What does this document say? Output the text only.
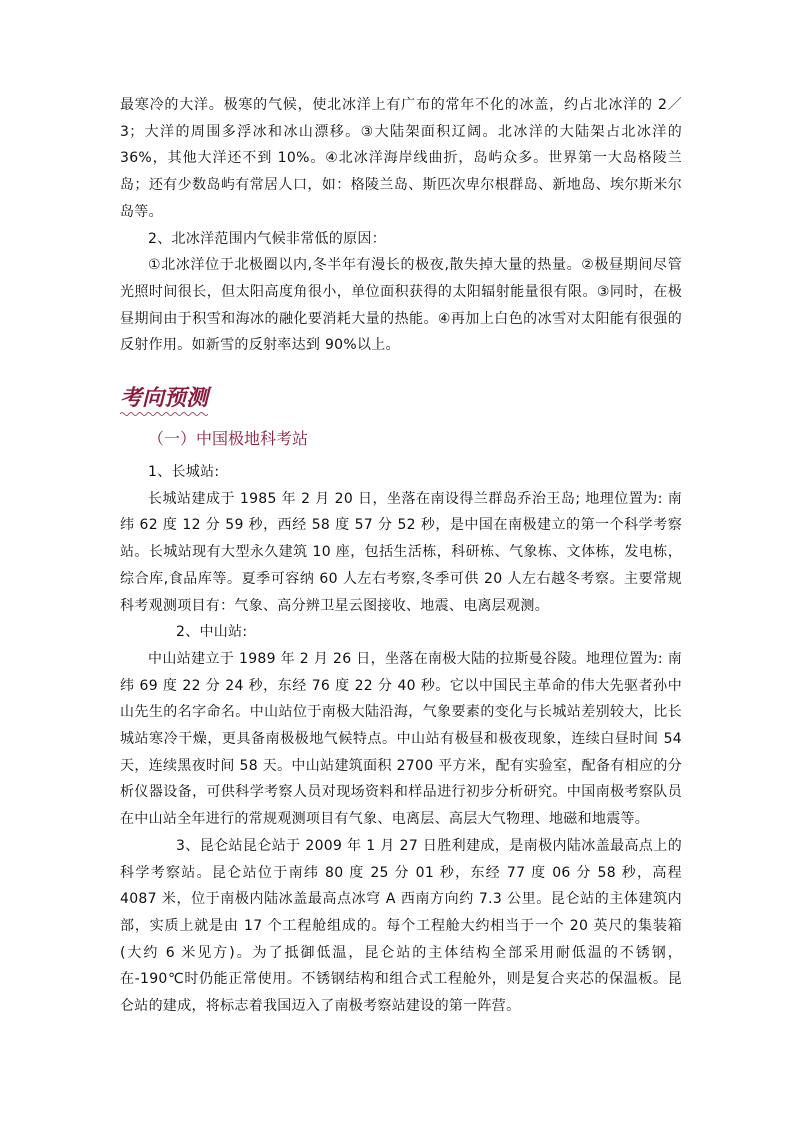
最寒冷的大洋。极寒的气候，使北冰洋上有广布的常年不化的冰盖，约占北冰洋的 2／3；大洋的周围多浮冰和冰山漂移。③大陆架面积辽阔。北冰洋的大陆架占北冰洋的 36%，其他大洋还不到 10%。④北冰洋海岸线曲折，岛屿众多。世界第一大岛格陵兰岛；还有少数岛屿有常居人口，如：格陵兰岛、斯匹次卑尔根群岛、新地岛、埃尔斯米尔岛等。

2、北冰洋范围内气候非常低的原因：

①北冰洋位于北极圈以内,冬半年有漫长的极夜,散失掉大量的热量。②极昼期间尽管光照时间很长，但太阳高度角很小，单位面积获得的太阳辐射能量很有限。③同时，在极昼期间由于积雪和海冰的融化要消耗大量的热能。④再加上白色的冰雪对太阳能有很强的反射作用。如新雪的反射率达到 90%以上。

考向预测
（一）中国极地科考站

1、长城站:

长城站建成于 1985 年 2 月 20 日，坐落在南设得兰群岛乔治王岛; 地理位置为: 南纬 62 度 12 分 59 秒，西经 58 度 57 分 52 秒，是中国在南极建立的第一个科学考察站。长城站现有大型永久建筑 10 座，包括生活栋，科研栋、气象栋、文体栋，发电栋，综合库,食品库等。夏季可容纳 60 人左右考察,冬季可供 20 人左右越冬考察。主要常规科考观测项目有：气象、高分辨卫星云图接收、地震、电离层观测。

2、中山站:

中山站建立于 1989 年 2 月 26 日，坐落在南极大陆的拉斯曼谷陵。地理位置为: 南纬 69 度 22 分 24 秒，东经 76 度 22 分 40 秒。它以中国民主革命的伟大先驱者孙中山先生的名字命名。中山站位于南极大陆沿海，气象要素的变化与长城站差别较大，比长城站寒冷干燥，更具备南极极地气候特点。中山站有极昼和极夜现象，连续白昼时间 54 天，连续黑夜时间 58 天。中山站建筑面积 2700 平方米，配有实验室，配备有相应的分析仪器设备，可供科学考察人员对现场资料和样品进行初步分析研究。中国南极考察队员在中山站全年进行的常规观测项目有气象、电离层、高层大气物理、地磁和地震等。

3、昆仑站昆仑站于 2009 年 1 月 27 日胜利建成，是南极内陆冰盖最高点上的科学考察站。昆仑站位于南纬 80 度 25 分 01 秒，东经 77 度 06 分 58 秒，高程 4087 米，位于南极内陆冰盖最高点冰穹 A 西南方向约 7.3 公里。昆仑站的主体建筑内部，实质上就是由 17 个工程舱组成的。每个工程舱大约相当于一个 20 英尺的集装箱(大约 6 米见方)。为了抵御低温，昆仑站的主体结构全部采用耐低温的不锈钢，在-190℃时仍能正常使用。不锈钢结构和组合式工程舱外，则是复合夹芯的保温板。昆仑站的建成，将标志着我国迈入了南极考察站建设的第一阵营。
